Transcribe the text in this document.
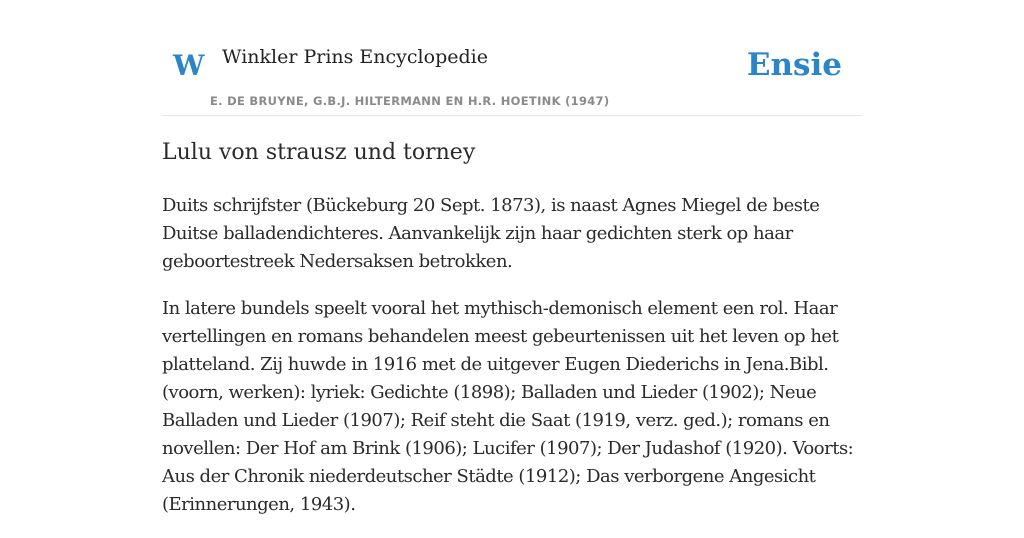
W Winkler Prins Encyclopedie
E. DE BRUYNE, G.B.J. HILTERMANN EN H.R. HOETINK (1947)
Ensie
Lulu von strausz und torney

Duits schrijfster (Bückeburg 20 Sept. 1873), is naast Agnes Miegel de beste Duitse balladendichteres. Aanvankelijk zijn haar gedichten sterk op haar geboortestreek Nedersaksen betrokken.

In latere bundels speelt vooral het mythisch-demonisch element een rol. Haar vertellingen en romans behandelen meest gebeurtenissen uit het leven op het platteland. Zij huwde in 1916 met de uitgever Eugen Diederichs in Jena.Bibl. (voorn, werken): lyriek: Gedichte (1898); Balladen und Lieder (1902); Neue Balladen und Lieder (1907); Reif steht die Saat (1919, verz. ged.); romans en novellen: Der Hof am Brink (1906); Lucifer (1907); Der Judashof (1920). Voorts: Aus der Chronik niederdeutscher Städte (1912); Das verborgene Angesicht (Erinnerungen, 1943).
